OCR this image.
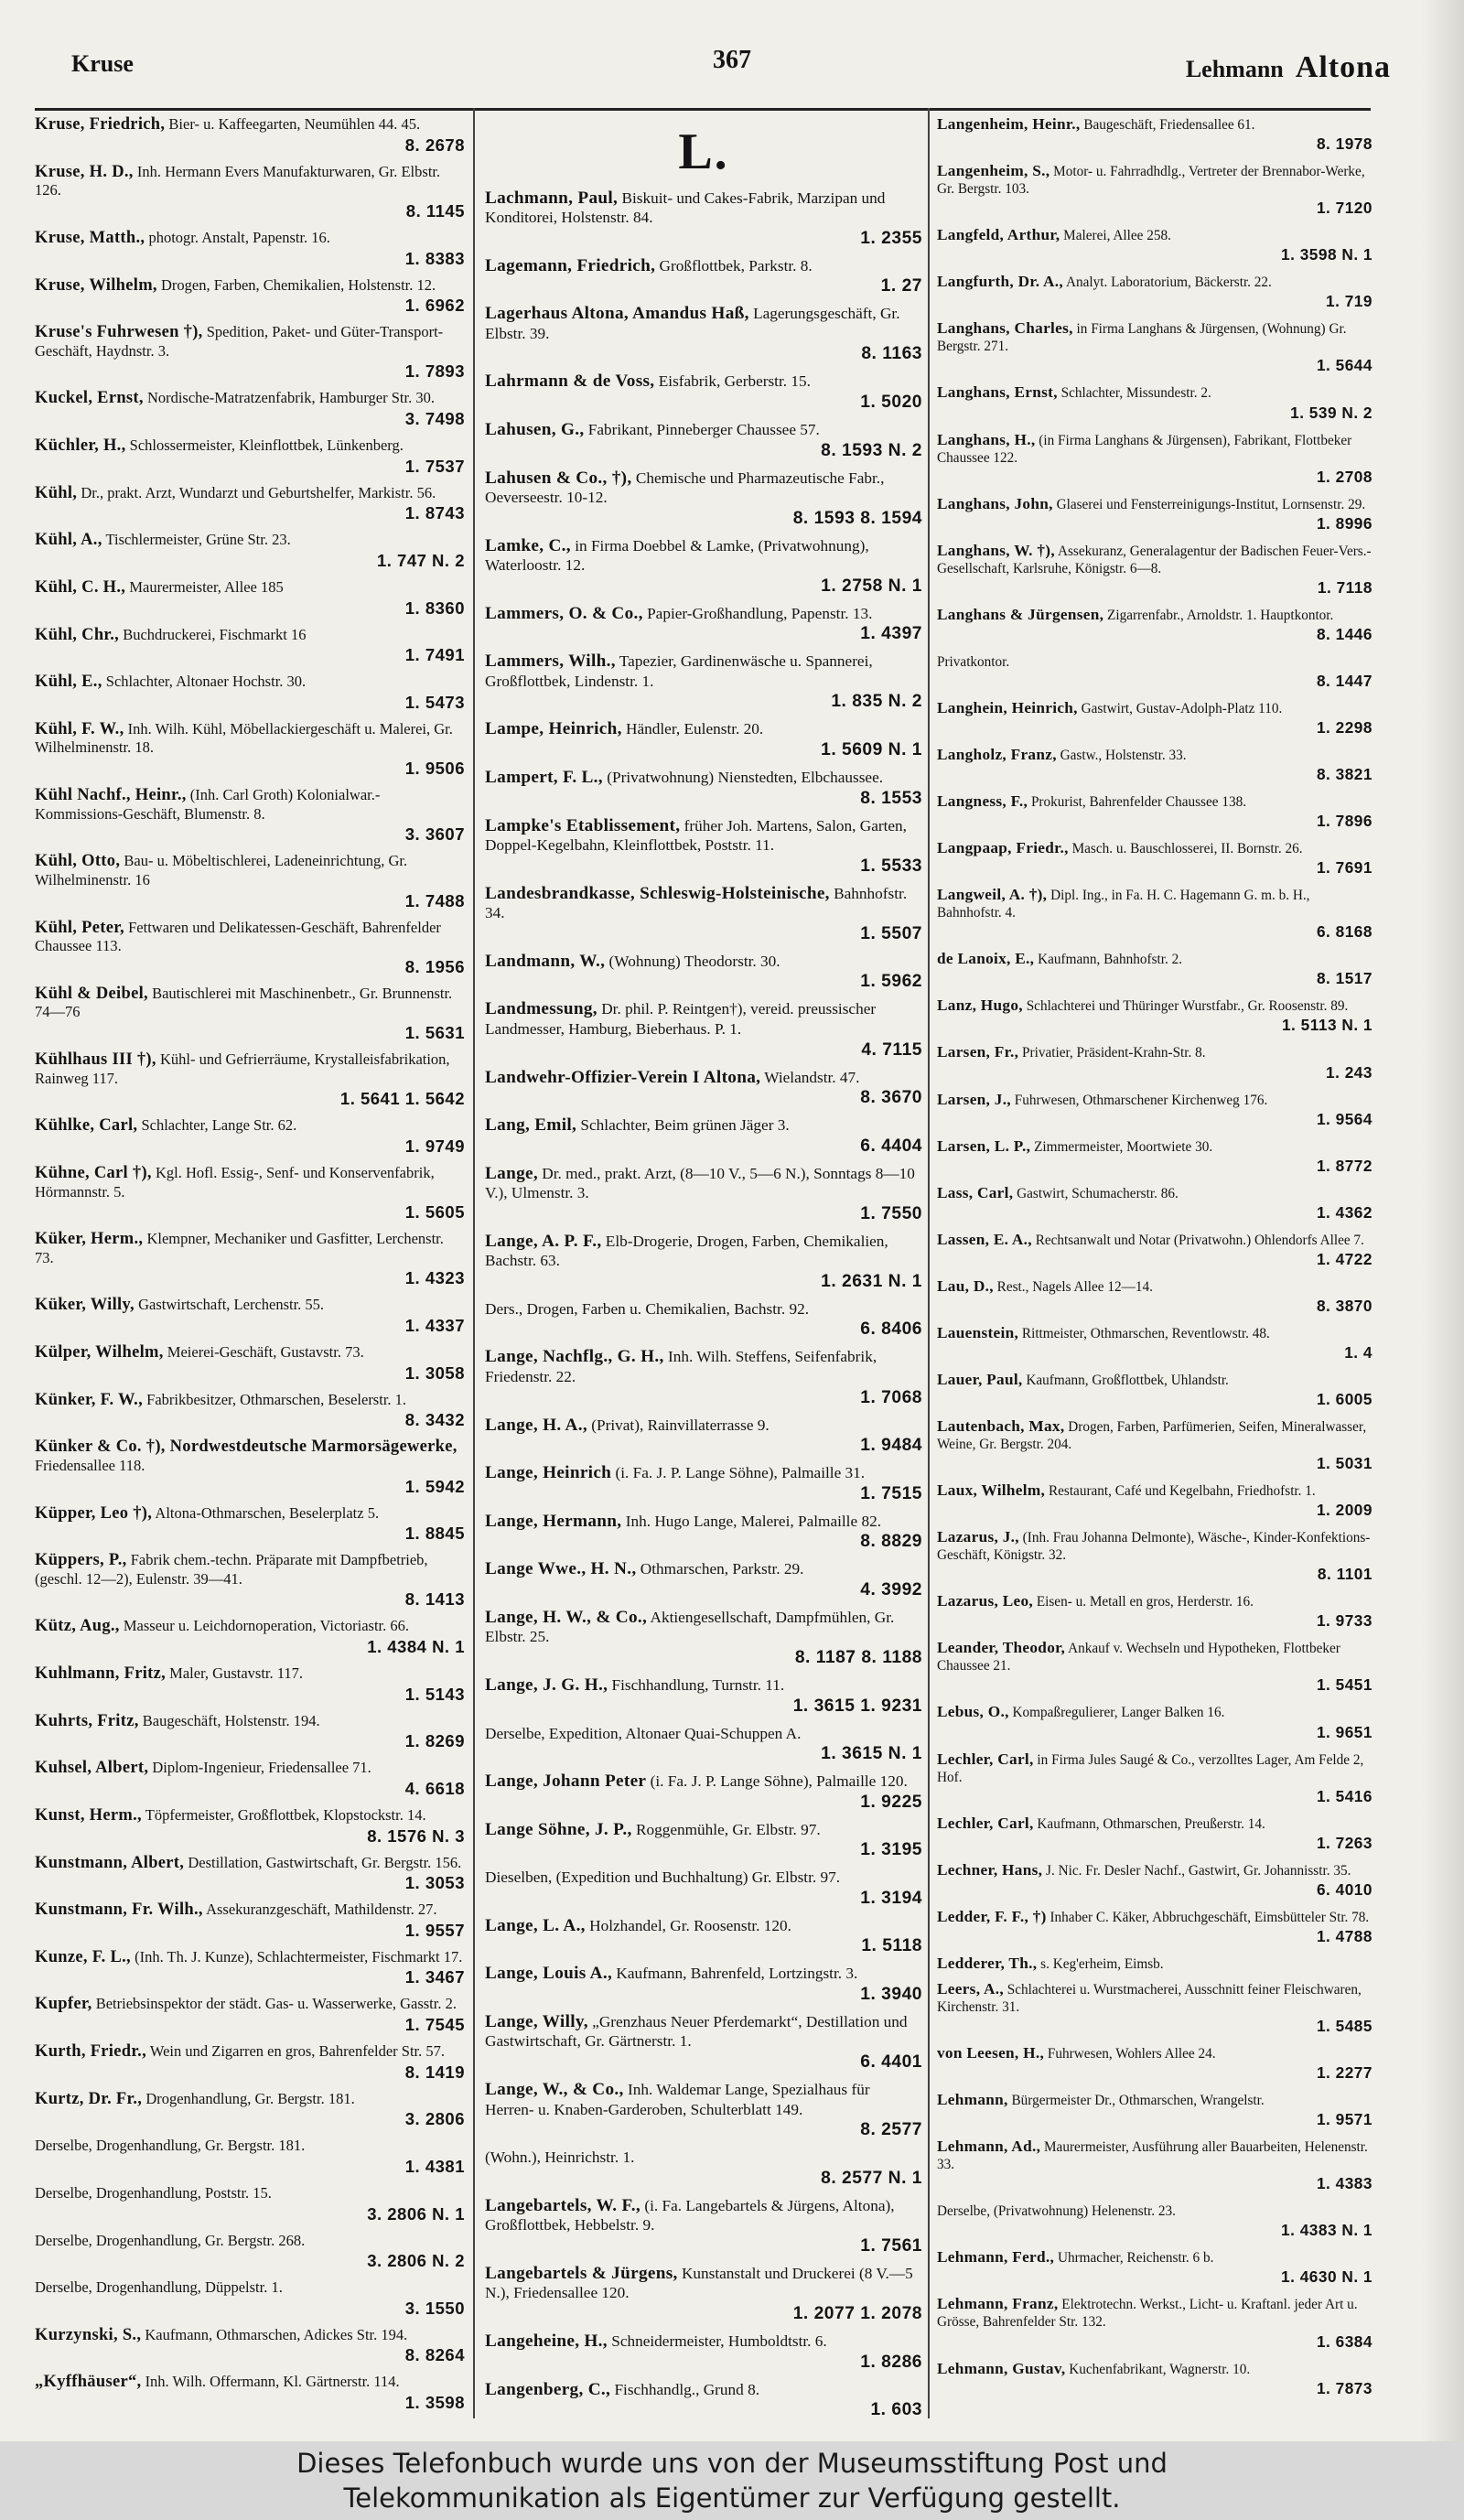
Kruse	367	Lehmann Altona
Kruse, Friedrich, Bier- u. Kaffeegarten, Neumühlen 44. 45.
8. 2678
Kruse, H. D., Inh. Hermann Evers Manufakturwaren, Gr. Elbstr. 126.
8. 1145
Kruse, Matth., photogr. Anstalt, Papenstr. 16.
1. 8383
Kruse, Wilhelm, Drogen, Farben, Chemikalien, Holstenstr. 12.
1. 6962
Kruse's Fuhrwesen †), Spedition, Paket- und Güter-Transport-Geschäft, Haydnstr. 3.
1. 7893
Kuckel, Ernst, Nordische-Matratzenfabrik, Hamburger Str. 30.
3. 7498
Küchler, H., Schlossermeister, Kleinflottbek, Lünkenberg.
1. 7537
Kühl, Dr., prakt. Arzt, Wundarzt und Geburtshelfer, Markistr. 56.
1. 8743
Kühl, A., Tischlermeister, Grüne Str. 23.
1. 747 N. 2
Kühl, C. H., Maurermeister, Allee 185
1. 8360
Kühl, Chr., Buchdruckerei, Fischmarkt 16
1. 7491
Kühl, E., Schlachter, Altonaer Hochstr. 30.
1. 5473
Kühl, F. W., Inh. Wilh. Kühl, Möbellackiergeschäft u. Malerei, Gr. Wilhelminenstr. 18.
1. 9506
Kühl Nachf., Heinr., (Inh. Carl Groth) Kolonialwar.-Kommissions-Geschäft, Blumenstr. 8.
3. 3607
Kühl, Otto, Bau- u. Möbeltischlerei, Ladeneinrichtung, Gr. Wilhelminenstr. 16
1. 7488
Kühl, Peter, Fettwaren und Delikatessen-Geschäft, Bahrenfelder Chaussee 113.
8. 1956
Kühl & Deibel, Bautischlerei mit Maschinenbetr., Gr. Brunnenstr. 74—76
1. 5631
Kühlhaus III †), Kühl- und Gefrierräume, Krystalleisfabrikation, Rainweg 117.
1. 5641 1. 5642
Kühlke, Carl, Schlachter, Lange Str. 62.
1. 9749
Kühne, Carl †), Kgl. Hofl. Essig-, Senf- und Konservenfabrik, Hörmannstr. 5.
1. 5605
Küker, Herm., Klempner, Mechaniker und Gasfitter, Lerchenstr. 73.
1. 4323
Küker, Willy, Gastwirtschaft, Lerchenstr. 55.
1. 4337
Külper, Wilhelm, Meierei-Geschäft, Gustavstr. 73.
1. 3058
Künker, F. W., Fabrikbesitzer, Othmarschen, Beselerstr. 1.
8. 3432
Künker & Co. †), Nordwestdeutsche Marmorsägewerke, Friedensallee 118.
1. 5942
Küpper, Leo †), Altona-Othmarschen, Beselerplatz 5.
1. 8845
Küppers, P., Fabrik chem.-techn. Präparate mit Dampfbetrieb, (geschl. 12—2), Eulenstr. 39—41.
8. 1413
Kütz, Aug., Masseur u. Leichdornoperation, Victoriastr. 66.
1. 4384 N. 1
Kuhlmann, Fritz, Maler, Gustavstr. 117.
1. 5143
Kuhrts, Fritz, Baugeschäft, Holstenstr. 194.
1. 8269
Kuhsel, Albert, Diplom-Ingenieur, Friedensallee 71.
4. 6618
Kunst, Herm., Töpfermeister, Großflottbek, Klopstockstr. 14.
8. 1576 N. 3
Kunstmann, Albert, Destillation, Gastwirtschaft, Gr. Bergstr. 156.
1. 3053
Kunstmann, Fr. Wilh., Assekuranzgeschäft, Mathildenstr. 27.
1. 9557
Kunze, F. L., (Inh. Th. J. Kunze), Schlachtermeister, Fischmarkt 17.
1. 3467
Kupfer, Betriebsinspektor der städt. Gas- u. Wasserwerke, Gasstr. 2.
1. 7545
Kurth, Friedr., Wein und Zigarren en gros, Bahrenfelder Str. 57.
8. 1419
Kurtz, Dr. Fr., Drogenhandlung, Gr. Bergstr. 181.
3. 2806
Derselbe, Drogenhandlung, Gr. Bergstr. 181.
1. 4381
Derselbe, Drogenhandlung, Poststr. 15.
3. 2806 N. 1
Derselbe, Drogenhandlung, Gr. Bergstr. 268.
3. 2806 N. 2
Derselbe, Drogenhandlung, Düppelstr. 1.
3. 1550
Kurzynski, S., Kaufmann, Othmarschen, Adickes Str. 194.
8. 8264
„Kyffhäuser“, Inh. Wilh. Offermann, Kl. Gärtnerstr. 114.
1. 3598
L.
Lachmann, Paul, Biskuit- und Cakes-Fabrik, Marzipan und Konditorei, Holstenstr. 84.
1. 2355
Lagemann, Friedrich, Großflottbek, Parkstr. 8.
1. 27
Lagerhaus Altona, Amandus Haß, Lagerungsgeschäft, Gr. Elbstr. 39.
8. 1163
Lahrmann & de Voss, Eisfabrik, Gerberstr. 15.
1. 5020
Lahusen, G., Fabrikant, Pinneberger Chaussee 57.
8. 1593 N. 2
Lahusen & Co., †), Chemische und Pharmazeutische Fabr., Oeverseestr. 10-12.
8. 1593 8. 1594
Lamke, C., in Firma Doebbel & Lamke, (Privatwohnung), Waterloostr. 12.
1. 2758 N. 1
Lammers, O. & Co., Papier-Großhandlung, Papenstr. 13.
1. 4397
Lammers, Wilh., Tapezier, Gardinenwäsche u. Spannerei, Großflottbek, Lindenstr. 1.
1. 835 N. 2
Lampe, Heinrich, Händler, Eulenstr. 20.
1. 5609 N. 1
Lampert, F. L., (Privatwohnung) Nienstedten, Elbchaussee.
8. 1553
Lampke's Etablissement, früher Joh. Martens, Salon, Garten, Doppel-Kegelbahn, Kleinflottbek, Poststr. 11.
1. 5533
Landesbrandkasse, Schleswig-Holsteinische, Bahnhofstr. 34.
1. 5507
Landmann, W., (Wohnung) Theodorstr. 30.
1. 5962
Landmessung, Dr. phil. P. Reintgen†), vereid. preussischer Landmesser, Hamburg, Bieberhaus. P. 1.
4. 7115
Landwehr-Offizier-Verein I Altona, Wielandstr. 47.
8. 3670
Lang, Emil, Schlachter, Beim grünen Jäger 3.
6. 4404
Lange, Dr. med., prakt. Arzt, (8—10 V., 5—6 N.), Sonntags 8—10 V.), Ulmenstr. 3.
1. 7550
Lange, A. P. F., Elb-Drogerie, Drogen, Farben, Chemikalien, Bachstr. 63.
1. 2631 N. 1
Ders., Drogen, Farben u. Chemikalien, Bachstr. 92.
6. 8406
Lange, Nachflg., G. H., Inh. Wilh. Steffens, Seifenfabrik, Friedenstr. 22.
1. 7068
Lange, H. A., (Privat), Rainvillaterrasse 9.
1. 9484
Lange, Heinrich (i. Fa. J. P. Lange Söhne), Palmaille 31.
1. 7515
Lange, Hermann, Inh. Hugo Lange, Malerei, Palmaille 82.
8. 8829
Lange Wwe., H. N., Othmarschen, Parkstr. 29.
4. 3992
Lange, H. W., & Co., Aktiengesellschaft, Dampfmühlen, Gr. Elbstr. 25.
8. 1187 8. 1188
Lange, J. G. H., Fischhandlung, Turnstr. 11.
1. 3615 1. 9231
Derselbe, Expedition, Altonaer Quai-Schuppen A.
1. 3615 N. 1
Lange, Johann Peter (i. Fa. J. P. Lange Söhne), Palmaille 120.
1. 9225
Lange Söhne, J. P., Roggenmühle, Gr. Elbstr. 97.
1. 3195
Dieselben, (Expedition und Buchhaltung) Gr. Elbstr. 97.
1. 3194
Lange, L. A., Holzhandel, Gr. Roosenstr. 120.
1. 5118
Lange, Louis A., Kaufmann, Bahrenfeld, Lortzingstr. 3.
1. 3940
Lange, Willy, „Grenzhaus Neuer Pferdemarkt“, Destillation und Gastwirtschaft, Gr. Gärtnerstr. 1.
6. 4401
Lange, W., & Co., Inh. Waldemar Lange, Spezialhaus für Herren- u. Knaben-Garderoben, Schulterblatt 149.
8. 2577
(Wohn.), Heinrichstr. 1.
8. 2577 N. 1
Langebartels, W. F., (i. Fa. Langebartels & Jürgens, Altona), Großflottbek, Hebbelstr. 9.
1. 7561
Langebartels & Jürgens, Kunstanstalt und Druckerei (8 V.—5 N.), Friedensallee 120.
1. 2077 1. 2078
Langeheine, H., Schneidermeister, Humboldtstr. 6.
1. 8286
Langenberg, C., Fischhandlg., Grund 8.
1. 603
Langenheim, Heinr., Baugeschäft, Friedensallee 61.
8. 1978
Langenheim, S., Motor- u. Fahrradhdlg., Vertreter der Brennabor-Werke, Gr. Bergstr. 103.
1. 7120
Langfeld, Arthur, Malerei, Allee 258.
1. 3598 N. 1
Langfurth, Dr. A., Analyt. Laboratorium, Bäckerstr. 22.
1. 719
Langhans, Charles, in Firma Langhans & Jürgensen, (Wohnung) Gr. Bergstr. 271.
1. 5644
Langhans, Ernst, Schlachter, Missundestr. 2.
1. 539 N. 2
Langhans, H., (in Firma Langhans & Jürgensen), Fabrikant, Flottbeker Chaussee 122.
1. 2708
Langhans, John, Glaserei und Fensterreinigungs-Institut, Lornsenstr. 29.
1. 8996
Langhans, W. †), Assekuranz, Generalagentur der Badischen Feuer-Vers.-Gesellschaft, Karlsruhe, Königstr. 6—8.
1. 7118
Langhans & Jürgensen, Zigarrenfabr., Arnoldstr. 1. Hauptkontor.
8. 1446
Privatkontor.
8. 1447
Langhein, Heinrich, Gastwirt, Gustav-Adolph-Platz 110.
1. 2298
Langholz, Franz, Gastw., Holstenstr. 33.
8. 3821
Langness, F., Prokurist, Bahrenfelder Chaussee 138.
1. 7896
Langpaap, Friedr., Masch. u. Bauschlosserei, II. Bornstr. 26.
1. 7691
Langweil, A. †), Dipl. Ing., in Fa. H. C. Hagemann G. m. b. H., Bahnhofstr. 4.
6. 8168
de Lanoix, E., Kaufmann, Bahnhofstr. 2.
8. 1517
Lanz, Hugo, Schlachterei und Thüringer Wurstfabr., Gr. Roosenstr. 89.
1. 5113 N. 1
Larsen, Fr., Privatier, Präsident-Krahn-Str. 8.
1. 243
Larsen, J., Fuhrwesen, Othmarschener Kirchenweg 176.
1. 9564
Larsen, L. P., Zimmermeister, Moortwiete 30.
1. 8772
Lass, Carl, Gastwirt, Schumacherstr. 86.
1. 4362
Lassen, E. A., Rechtsanwalt und Notar (Privatwohn.) Ohlendorfs Allee 7.
1. 4722
Lau, D., Rest., Nagels Allee 12—14.
8. 3870
Lauenstein, Rittmeister, Othmarschen, Reventlowstr. 48.
1. 4
Lauer, Paul, Kaufmann, Großflottbek, Uhlandstr.
1. 6005
Lautenbach, Max, Drogen, Farben, Parfümerien, Seifen, Mineralwasser, Weine, Gr. Bergstr. 204.
1. 5031
Laux, Wilhelm, Restaurant, Café und Kegelbahn, Friedhofstr. 1.
1. 2009
Lazarus, J., (Inh. Frau Johanna Delmonte), Wäsche-, Kinder-Konfektions-Geschäft, Königstr. 32.
8. 1101
Lazarus, Leo, Eisen- u. Metall en gros, Herderstr. 16.
1. 9733
Leander, Theodor, Ankauf v. Wechseln und Hypotheken, Flottbeker Chaussee 21.
1. 5451
Lebus, O., Kompaßregulierer, Langer Balken 16.
1. 9651
Lechler, Carl, in Firma Jules Saugé & Co., verzolltes Lager, Am Felde 2, Hof.
1. 5416
Lechler, Carl, Kaufmann, Othmarschen, Preußerstr. 14.
1. 7263
Lechner, Hans, J. Nic. Fr. Desler Nachf., Gastwirt, Gr. Johannisstr. 35.
6. 4010
Ledder, F. F., †) Inhaber C. Käker, Abbruchgeschäft, Eimsbütteler Str. 78.
1. 4788
Ledderer, Th., s. Keg'erheim, Eimsb.
Leers, A., Schlachterei u. Wurstmacherei, Ausschnitt feiner Fleischwaren, Kirchenstr. 31.
1. 5485
von Leesen, H., Fuhrwesen, Wohlers Allee 24.
1. 2277
Lehmann, Bürgermeister Dr., Othmarschen, Wrangelstr.
1. 9571
Lehmann, Ad., Maurermeister, Ausführung aller Bauarbeiten, Helenenstr. 33.
1. 4383
Derselbe, (Privatwohnung) Helenenstr. 23.
1. 4383 N. 1
Lehmann, Ferd., Uhrmacher, Reichenstr. 6 b.
1. 4630 N. 1
Lehmann, Franz, Elektrotechn. Werkst., Licht- u. Kraftanl. jeder Art u. Grösse, Bahrenfelder Str. 132.
1. 6384
Lehmann, Gustav, Kuchenfabrikant, Wagnerstr. 10.
1. 7873
Dieses Telefonbuch wurde uns von der Museumsstiftung Post und
Telekommunikation als Eigentümer zur Verfügung gestellt.
